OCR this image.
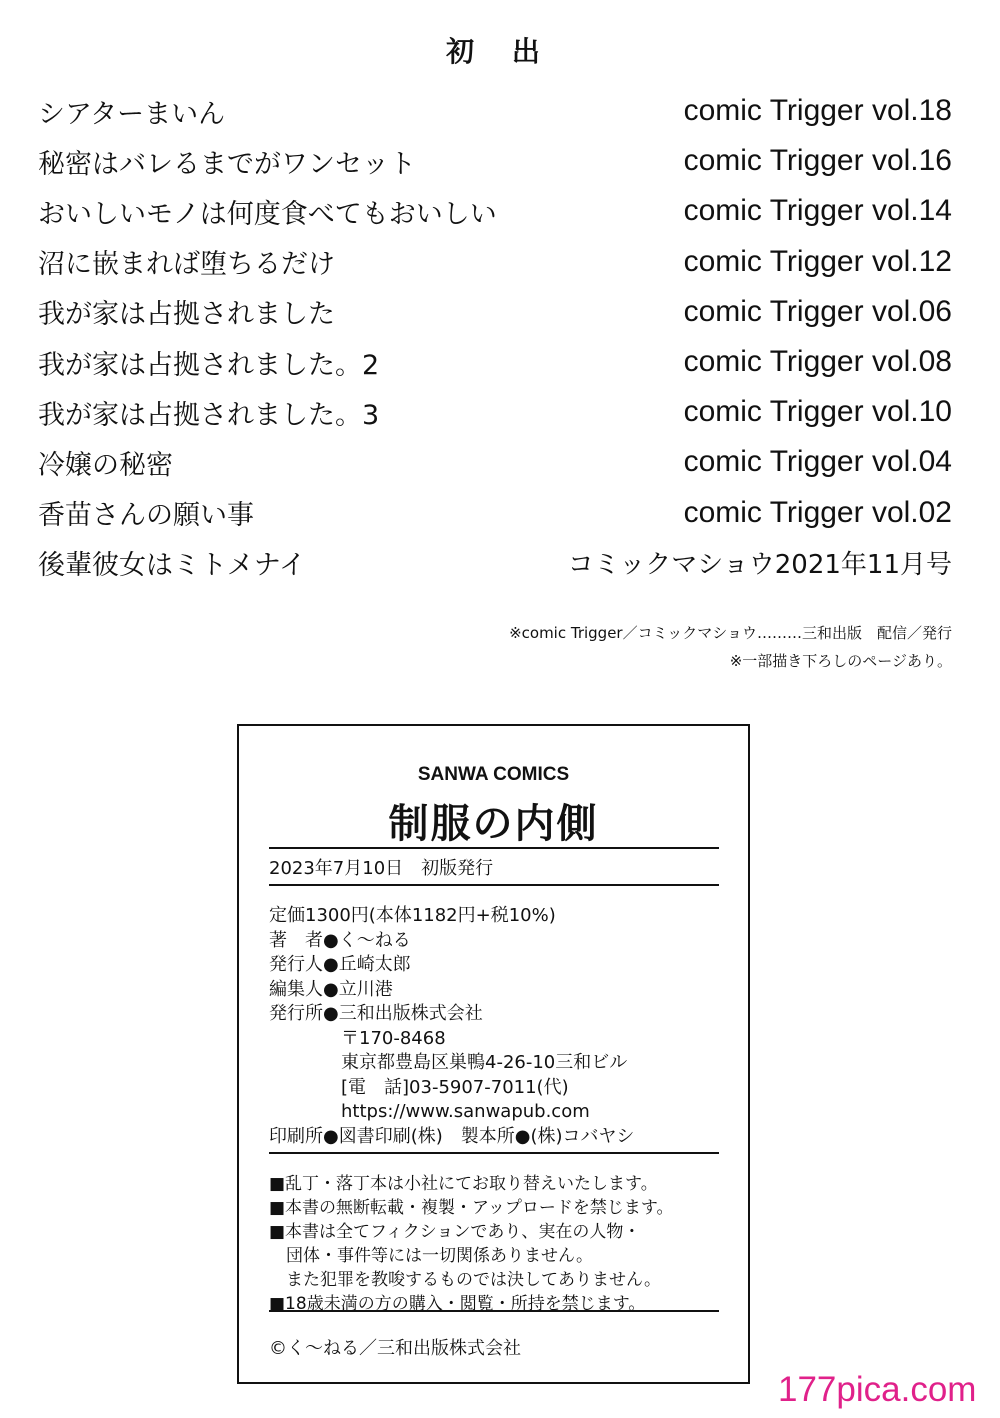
初 出
シアターまいん	comic Trigger vol.18
秘密はバレるまでがワンセット	comic Trigger vol.16
おいしいモノは何度食べてもおいしい	comic Trigger vol.14
沼に嵌まれば堕ちるだけ	comic Trigger vol.12
我が家は占拠されました	comic Trigger vol.06
我が家は占拠されました。2	comic Trigger vol.08
我が家は占拠されました。3	comic Trigger vol.10
冷嬢の秘密	comic Trigger vol.04
香苗さんの願い事	comic Trigger vol.02
後輩彼女はミトメナイ	コミックマショウ2021年11月号
※comic Trigger／コミックマショウ………三和出版　配信／発行
※一部描き下ろしのページあり。
SANWA COMICS
制服の内側
2023年7月10日　初版発行
定価1300円(本体1182円+税10%)
著　者●く〜ねる
発行人●丘崎太郎
編集人●立川港
発行所●三和出版株式会社
　　　　〒170-8468
　　　　東京都豊島区巣鴨4-26-10三和ビル
　　　　[電　話]03-5907-7011(代)
　　　　https://www.sanwapub.com
印刷所●図書印刷(株)　製本所●(株)コバヤシ
■乱丁・落丁本は小社にてお取り替えいたします。
■本書の無断転載・複製・アップロードを禁じます。
■本書は全てフィクションであり、実在の人物・
　団体・事件等には一切関係ありません。
　また犯罪を教唆するものでは決してありません。
■18歳未満の方の購入・閲覧・所持を禁じます。
©く〜ねる／三和出版株式会社
177pica.com
